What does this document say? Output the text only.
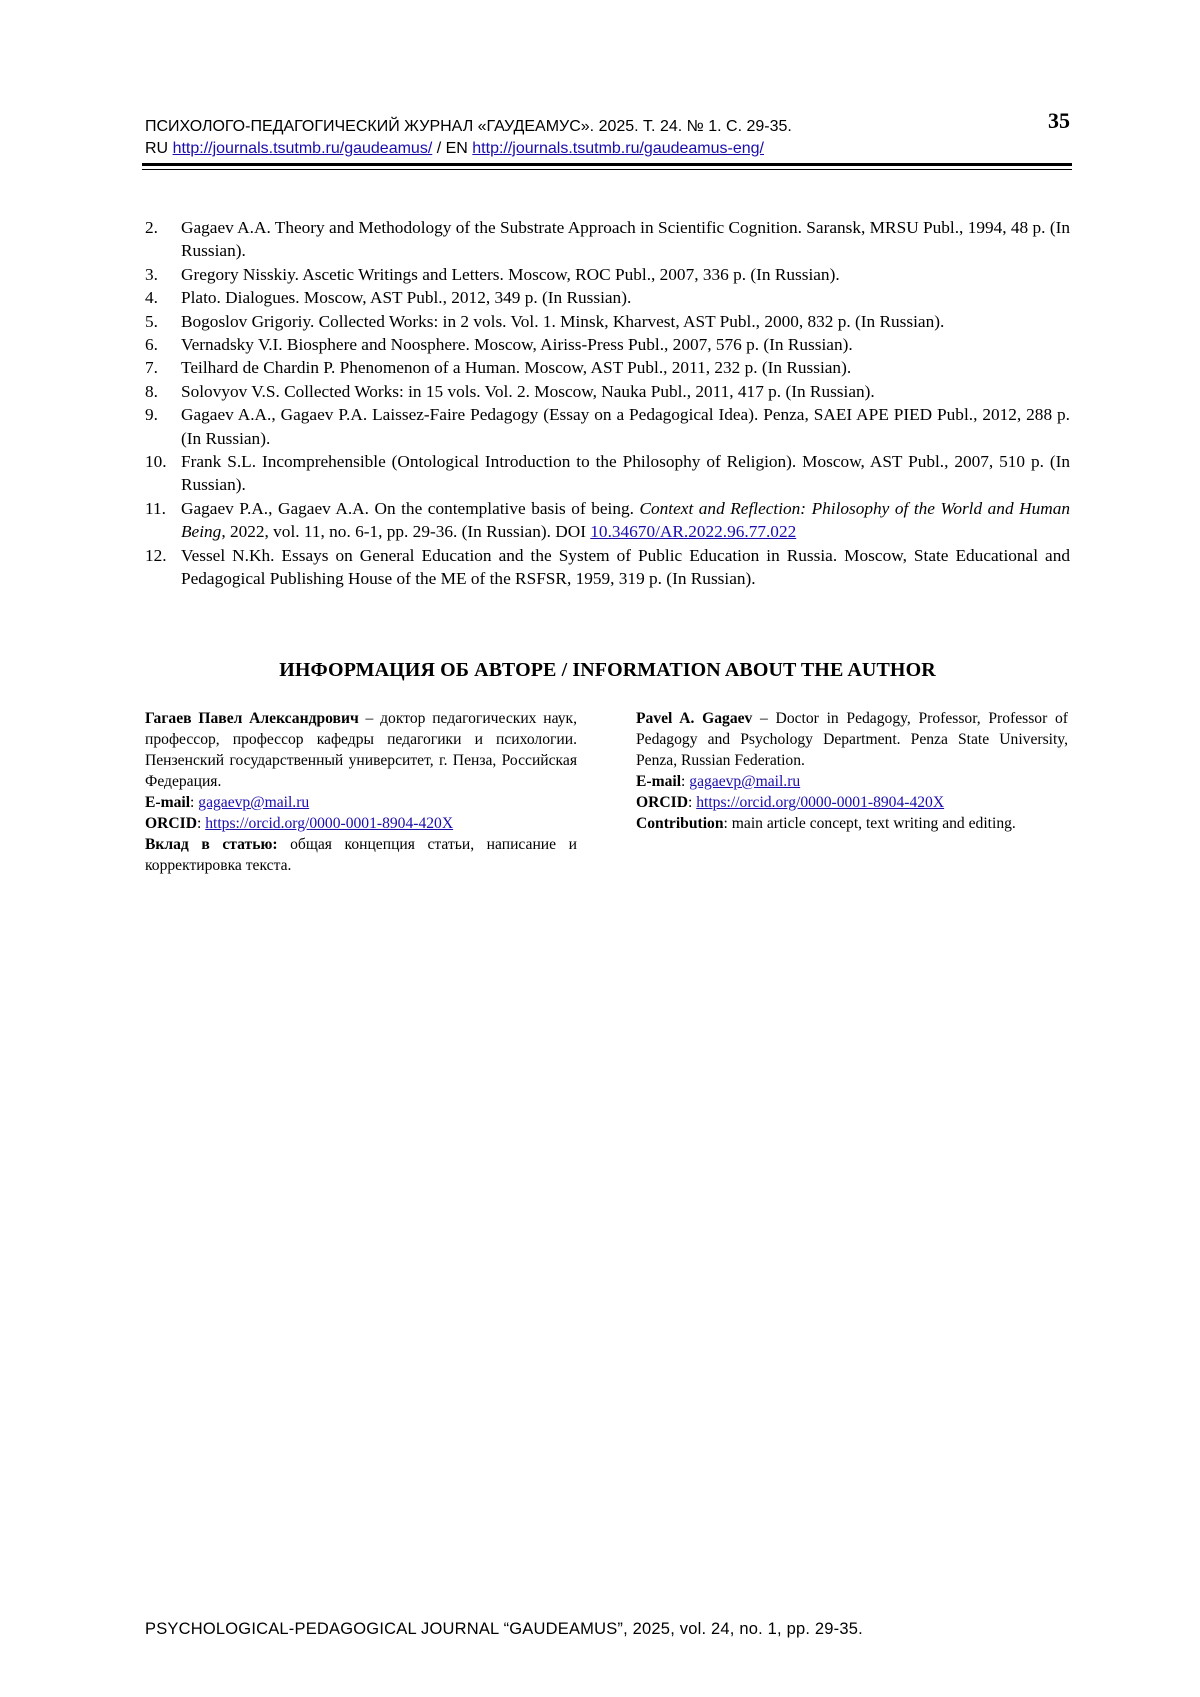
ПСИХОЛОГО-ПЕДАГОГИЧЕСКИЙ ЖУРНАЛ «ГАУДЕАМУС». 2025. Т. 24. № 1. С. 29-35.
RU http://journals.tsutmb.ru/gaudeamus/ / EN http://journals.tsutmb.ru/gaudeamus-eng/
35
2. Gagaev A.A. Theory and Methodology of the Substrate Approach in Scientific Cognition. Saransk, MRSU Publ., 1994, 48 p. (In Russian).
3. Gregory Nisskiy. Ascetic Writings and Letters. Moscow, ROC Publ., 2007, 336 p. (In Russian).
4. Plato. Dialogues. Moscow, AST Publ., 2012, 349 p. (In Russian).
5. Bogoslov Grigoriy. Collected Works: in 2 vols. Vol. 1. Minsk, Kharvest, AST Publ., 2000, 832 p. (In Russian).
6. Vernadsky V.I. Biosphere and Noosphere. Moscow, Airiss-Press Publ., 2007, 576 p. (In Russian).
7. Teilhard de Chardin P. Phenomenon of a Human. Moscow, AST Publ., 2011, 232 p. (In Russian).
8. Solovyov V.S. Collected Works: in 15 vols. Vol. 2. Moscow, Nauka Publ., 2011, 417 p. (In Russian).
9. Gagaev A.A., Gagaev P.A. Laissez-Faire Pedagogy (Essay on a Pedagogical Idea). Penza, SAEI APE PIED Publ., 2012, 288 p. (In Russian).
10. Frank S.L. Incomprehensible (Ontological Introduction to the Philosophy of Religion). Moscow, AST Publ., 2007, 510 p. (In Russian).
11. Gagaev P.A., Gagaev A.A. On the contemplative basis of being. Context and Reflection: Philosophy of the World and Human Being, 2022, vol. 11, no. 6-1, pp. 29-36. (In Russian). DOI 10.34670/AR.2022.96.77.022
12. Vessel N.Kh. Essays on General Education and the System of Public Education in Russia. Moscow, State Educational and Pedagogical Publishing House of the ME of the RSFSR, 1959, 319 p. (In Russian).
ИНФОРМАЦИЯ ОБ АВТОРЕ / INFORMATION ABOUT THE AUTHOR

Гагаев Павел Александрович – доктор педагогических наук, профессор, профессор кафедры педагогики и психологии. Пензенский государственный университет, г. Пенза, Российская Федерация.

E-mail: gagaevp@mail.ru

ORCID: https://orcid.org/0000-0001-8904-420X

Вклад в статью: общая концепция статьи, написание и корректировка текста.

Pavel A. Gagaev – Doctor in Pedagogy, Professor, Professor of Pedagogy and Psychology Department. Penza State University, Penza, Russian Federation.

E-mail: gagaevp@mail.ru

ORCID: https://orcid.org/0000-0001-8904-420X

Contribution: main article concept, text writing and editing.

PSYCHOLOGICAL-PEDAGOGICAL JOURNAL “GAUDEAMUS”, 2025, vol. 24, no. 1, pp. 29-35.
